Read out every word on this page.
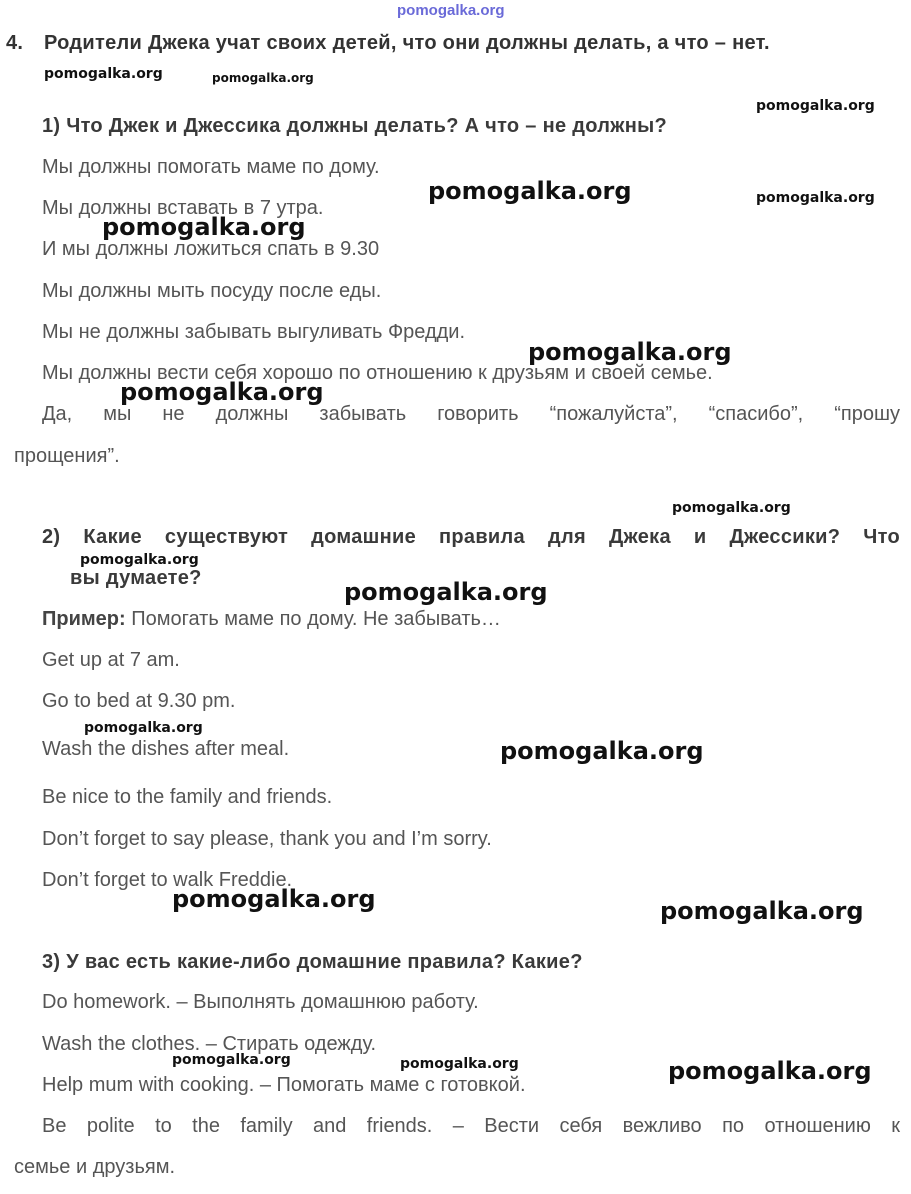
pomogalka.org
4. Родители Джека учат своих детей, что они должны делать, а что – нет.
1) Что Джек и Джессика должны делать? А что – не должны?
Мы должны помогать маме по дому.
Мы должны вставать в 7 утра.
И мы должны ложиться спать в 9.30
Мы должны мыть посуду после еды.
Мы не должны забывать выгуливать Фредди.
Мы должны вести себя хорошо по отношению к друзьям и своей семье.
Да, мы не должны забывать говорить “пожалуйста”, “спасибо”, “прошу
прощения”.
2) Какие существуют домашние правила для Джека и Джессики? Что
вы думаете?
Пример: Помогать маме по дому. Не забывать…
Get up at 7 am.
Go to bed at 9.30 pm.
Wash the dishes after meal.
Be nice to the family and friends.
Don’t forget to say please, thank you and I’m sorry.
Don’t forget to walk Freddie.
3) У вас есть какие-либо домашние правила? Какие?
Do homework. – Выполнять домашнюю работу.
Wash the clothes. – Стирать одежду.
Help mum with cooking. – Помогать маме с готовкой.
Be polite to the family and friends. – Вести себя вежливо по отношению к
семье и друзьям.
pomogalka.org	pomogalka.org
pomogalka.org
pomogalka.org	pomogalka.org
pomogalka.org
pomogalka.org
pomogalka.org
pomogalka.org
pomogalka.org
pomogalka.org
pomogalka.org
pomogalka.org
pomogalka.org	pomogalka.org
pomogalka.org	pomogalka.org	pomogalka.org
